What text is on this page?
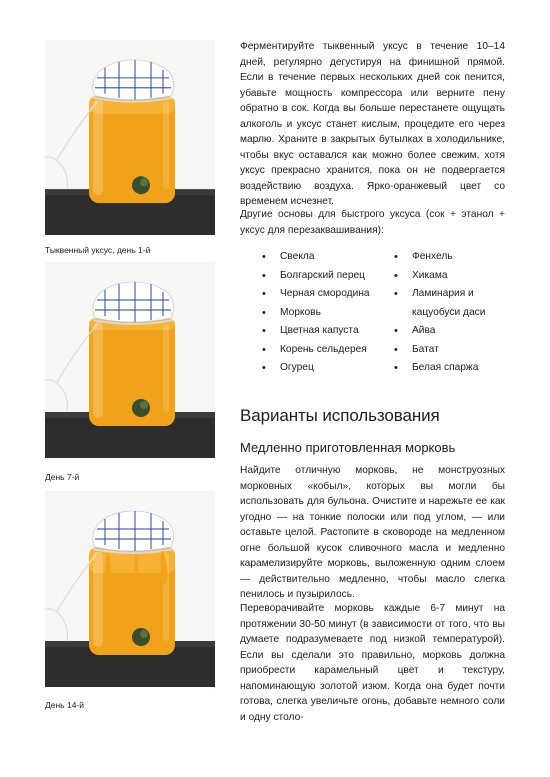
Тыквенный уксус, день 1-й
День 7-й
День 14-й

Ферментируйте тыквенный уксус в течение 10–14 дней, регулярно дегустируя на финишной прямой. Если в течение первых нескольких дней сок пенится, убавьте мощность компрессора или верните пену обратно в сок. Когда вы больше перестанете ощущать алкоголь и уксус станет кислым, процедите его через марлю. Храните в закрытых бутылках в холодильнике, чтобы вкус оставался как можно более свежим, хотя уксус прекрасно хранится, пока он не подвергается воздействию воздуха. Ярко-оранжевый цвет со временем исчезнет.

Другие основы для быстрого уксуса (сок + этанол + уксус для перезаквашивания):

• Свекла
• Болгарский перец
• Черная смородина
• Морковь
• Цветная капуста
• Корень сельдерея
• Огурец
• Фенхель
• Хикама
• Ламинария и кацуобуси даси
• Айва
• Батат
• Белая спаржа
Варианты использования
Медленно приготовленная морковь

Найдите отличную морковь, не монструозных морковных «кобыл», которых вы могли бы использовать для бульона. Очистите и нарежьте ее как угодно — на тонкие полоски или под углом, — или оставьте целой. Растопите в сковороде на медленном огне большой кусок сливочного масла и медленно карамелизируйте морковь, выложенную одним слоем — действительно медленно, чтобы масло слегка пенилось и пузырилось.

Переворачивайте морковь каждые 6-7 минут на протяжении 30-50 минут (в зависимости от того, что вы думаете подразумеваете под низкой температурой). Если вы сделали это правильно, морковь должна приобрести карамельный цвет и текстуру, напоминающую золотой изюм. Когда она будет почти готова, слегка увеличьте огонь, добавьте немного соли и одну столо-
